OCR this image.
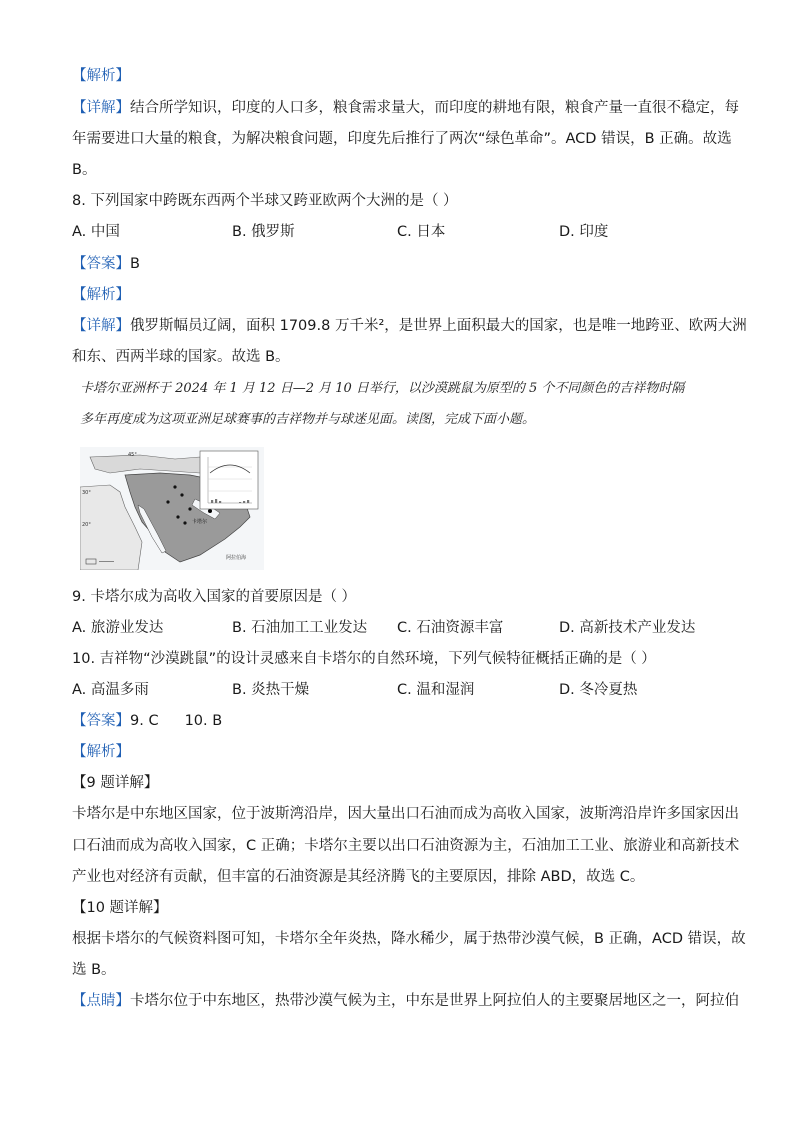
【解析】
【详解】结合所学知识，印度的人口多，粮食需求量大，而印度的耕地有限，粮食产量一直很不稳定，每
年需要进口大量的粮食，为解决粮食问题，印度先后推行了两次“绿色革命”。ACD 错误，B 正确。故选
B。
8. 下列国家中跨既东西两个半球又跨亚欧两个大洲的是（ ）
A. 中国	B. 俄罗斯	C. 日本	D. 印度
【答案】B
【解析】
【详解】俄罗斯幅员辽阔，面积 1709.8 万千米²，是世界上面积最大的国家，也是唯一地跨亚、欧两大洲
和东、西两半球的国家。故选 B。
卡塔尔亚洲杯于 2024 年 1 月 12 日—2 月 10 日举行，以沙漠跳鼠为原型的 5 个不同颜色的吉祥物时隔
多年再度成为这项亚洲足球赛事的吉祥物并与球迷见面。读图，完成下面小题。
45°
30°
20°	卡塔尔
阿拉伯海
9. 卡塔尔成为高收入国家的首要原因是（ ）
A. 旅游业发达	B. 石油加工工业发达 C. 石油资源丰富	D. 高新技术产业发达
10. 吉祥物“沙漠跳鼠”的设计灵感来自卡塔尔的自然环境，下列气候特征概括正确的是（ ）
A. 高温多雨	B. 炎热干燥	C. 温和湿润	D. 冬冷夏热
【答案】9. C 10. B
【解析】
【9 题详解】
卡塔尔是中东地区国家，位于波斯湾沿岸，因大量出口石油而成为高收入国家，波斯湾沿岸许多国家因出
口石油而成为高收入国家，C 正确；卡塔尔主要以出口石油资源为主，石油加工工业、旅游业和高新技术
产业也对经济有贡献，但丰富的石油资源是其经济腾飞的主要原因，排除 ABD，故选 C。
【10 题详解】
根据卡塔尔的气候资料图可知，卡塔尔全年炎热，降水稀少，属于热带沙漠气候，B 正确，ACD 错误，故
选 B。
【点睛】卡塔尔位于中东地区，热带沙漠气候为主，中东是世界上阿拉伯人的主要聚居地区之一，阿拉伯
